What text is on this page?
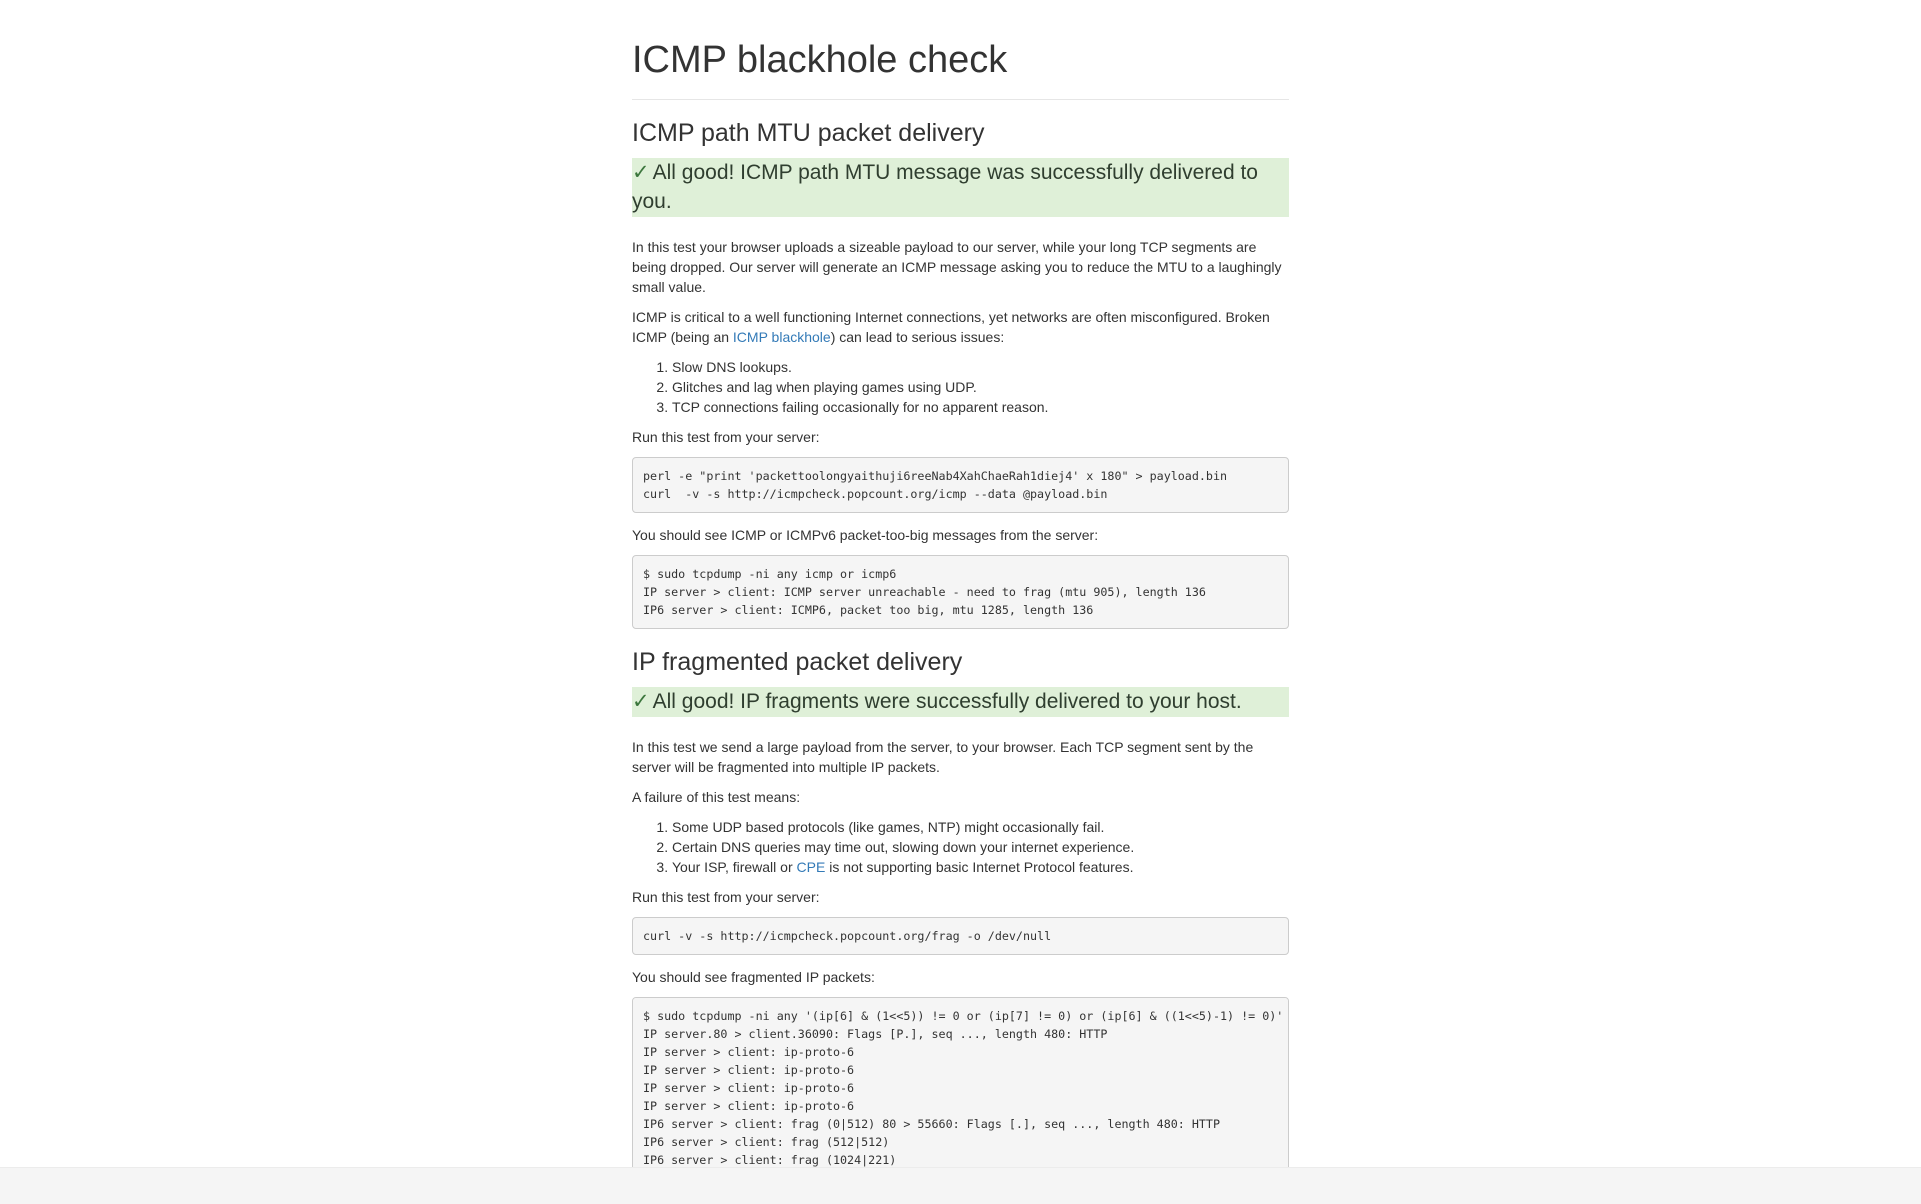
ICMP blackhole check
ICMP path MTU packet delivery
✓ All good! ICMP path MTU message was successfully delivered to you.

In this test your browser uploads a sizeable payload to our server, while your long TCP segments are being dropped. Our server will generate an ICMP message asking you to reduce the MTU to a laughingly small value.

ICMP is critical to a well functioning Internet connections, yet networks are often misconfigured. Broken ICMP (being an ICMP blackhole) can lead to serious issues:

1. Slow DNS lookups.
2. Glitches and lag when playing games using UDP.
3. TCP connections failing occasionally for no apparent reason.

Run this test from your server:

perl -e "print 'packettoolongyaithuji6reeNab4XahChaeRah1diej4' x 180" > payload.bin
curl  -v -s http://icmpcheck.popcount.org/icmp --data @payload.bin

You should see ICMP or ICMPv6 packet-too-big messages from the server:

$ sudo tcpdump -ni any icmp or icmp6
IP server > client: ICMP server unreachable - need to frag (mtu 905), length 136
IP6 server > client: ICMP6, packet too big, mtu 1285, length 136
IP fragmented packet delivery
✓ All good! IP fragments were successfully delivered to your host.

In this test we send a large payload from the server, to your browser. Each TCP segment sent by the server will be fragmented into multiple IP packets.

A failure of this test means:

1. Some UDP based protocols (like games, NTP) might occasionally fail.
2. Certain DNS queries may time out, slowing down your internet experience.
3. Your ISP, firewall or CPE is not supporting basic Internet Protocol features.

Run this test from your server:

curl -v -s http://icmpcheck.popcount.org/frag -o /dev/null

You should see fragmented IP packets:

$ sudo tcpdump -ni any '(ip[6] & (1<<5)) != 0 or (ip[7] != 0) or (ip[6] & ((1<<5)-1) != 0)'
IP server.80 > client.36090: Flags [P.], seq ..., length 480: HTTP
IP server > client: ip-proto-6
IP server > client: ip-proto-6
IP server > client: ip-proto-6
IP server > client: ip-proto-6
IP6 server > client: frag (0|512) 80 > 55660: Flags [.], seq ..., length 480: HTTP
IP6 server > client: frag (512|512)
IP6 server > client: frag (1024|221)
